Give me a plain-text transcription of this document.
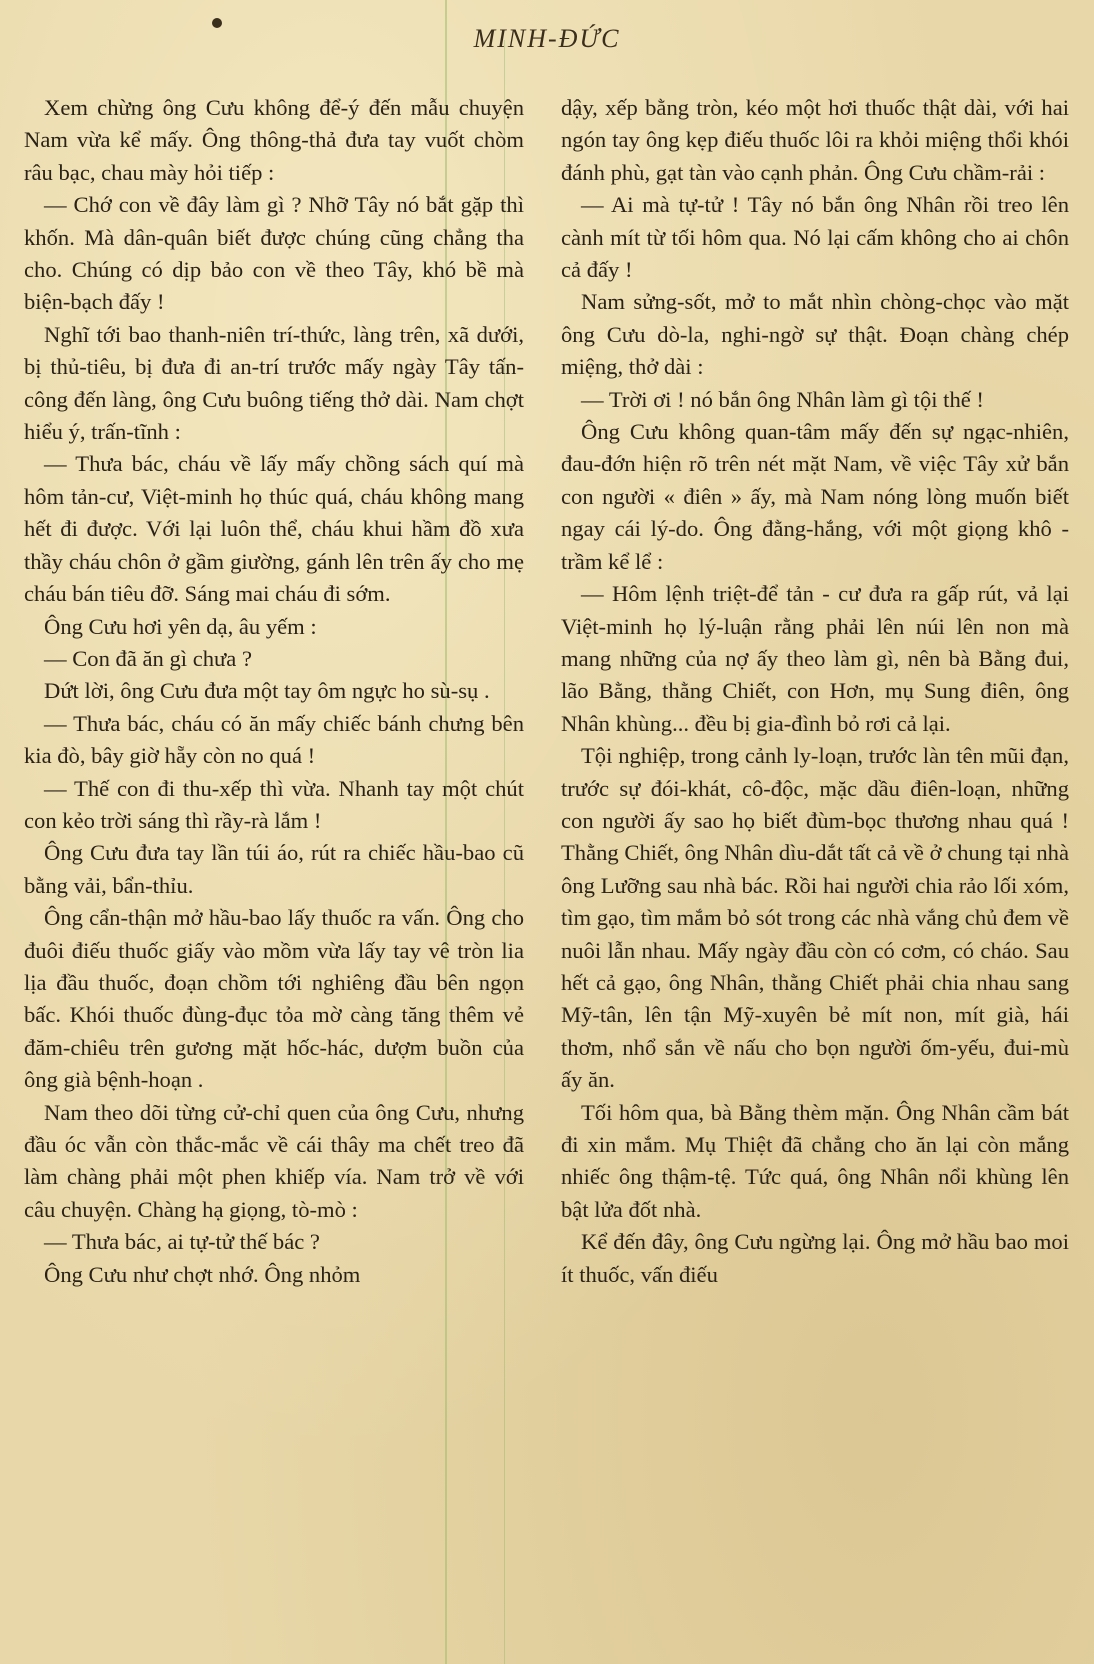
MINH-ĐỨC

Xem chừng ông Cưu không để-ý đến mẫu chuyện Nam vừa kể mấy. Ông thông-thả đưa tay vuốt chòm râu bạc, chau mày hỏi tiếp :

— Chớ con về đây làm gì ? Nhỡ Tây nó bắt gặp thì khốn. Mà dân-quân biết được chúng cũng chẳng tha cho. Chúng có dịp bảo con về theo Tây, khó bề mà biện-bạch đấy !

Nghĩ tới bao thanh-niên trí-thức, làng trên, xã dưới, bị thủ-tiêu, bị đưa đi an-trí trước mấy ngày Tây tấn-công đến làng, ông Cưu buông tiếng thở dài. Nam chợt hiểu ý, trấn-tĩnh :

— Thưa bác, cháu về lấy mấy chồng sách quí mà hôm tản-cư, Việt-minh họ thúc quá, cháu không mang hết đi được. Với lại luôn thể, cháu khui hầm đồ xưa thầy cháu chôn ở gầm giường, gánh lên trên ấy cho mẹ cháu bán tiêu đỡ. Sáng mai cháu đi sớm.

Ông Cưu hơi yên dạ, âu yếm :

— Con đã ăn gì chưa ?

Dứt lời, ông Cưu đưa một tay ôm ngực ho sù-sụ .

— Thưa bác, cháu có ăn mấy chiếc bánh chưng bên kia đò, bây giờ hẵy còn no quá !

— Thế con đi thu-xếp thì vừa. Nhanh tay một chút con kẻo trời sáng thì rầy-rà lắm !

Ông Cưu đưa tay lần túi áo, rút ra chiếc hầu-bao cũ bằng vải, bẩn-thỉu.

Ông cẩn-thận mở hầu-bao lấy thuốc ra vấn. Ông cho đuôi điếu thuốc giấy vào mồm vừa lấy tay vê tròn lia lịa đầu thuốc, đoạn chồm tới nghiêng đầu bên ngọn bấc. Khói thuốc đùng-đục tỏa mờ càng tăng thêm vẻ đăm-chiêu trên gương mặt hốc-hác, dượm buồn của ông già bệnh-hoạn .

Nam theo dõi từng cử-chỉ quen của ông Cưu, nhưng đầu óc vẫn còn thắc-mắc về cái thây ma chết treo đã làm chàng phải một phen khiếp vía. Nam trở về với câu chuyện. Chàng hạ giọng, tò-mò :

— Thưa bác, ai tự-tử thế bác ?

Ông Cưu như chợt nhớ. Ông nhỏm

dậy, xếp bằng tròn, kéo một hơi thuốc thật dài, với hai ngón tay ông kẹp điếu thuốc lôi ra khỏi miệng thổi khói đánh phù, gạt tàn vào cạnh phản. Ông Cưu chầm-rải :

— Ai mà tự-tử ! Tây nó bắn ông Nhân rồi treo lên cành mít từ tối hôm qua. Nó lại cấm không cho ai chôn cả đấy !

Nam sửng-sốt, mở to mắt nhìn chòng-chọc vào mặt ông Cưu dò-la, nghi-ngờ sự thật. Đoạn chàng chép miệng, thở dài :

— Trời ơi ! nó bắn ông Nhân làm gì tội thế !

Ông Cưu không quan-tâm mấy đến sự ngạc-nhiên, đau-đớn hiện rõ trên nét mặt Nam, về việc Tây xử bắn con người « điên » ấy, mà Nam nóng lòng muốn biết ngay cái lý-do. Ông đằng-hắng, với một giọng khô - trầm kể lể :

— Hôm lệnh triệt-để tản - cư đưa ra gấp rút, vả lại Việt-minh họ lý-luận rằng phải lên núi lên non mà mang những của nợ ấy theo làm gì, nên bà Bằng đui, lão Bằng, thằng Chiết, con Hơn, mụ Sung điên, ông Nhân khùng... đều bị gia-đình bỏ rơi cả lại.

Tội nghiệp, trong cảnh ly-loạn, trước làn tên mũi đạn, trước sự đói-khát, cô-độc, mặc dầu điên-loạn, những con người ấy sao họ biết đùm-bọc thương nhau quá ! Thằng Chiết, ông Nhân dìu-dắt tất cả về ở chung tại nhà ông Lưỡng sau nhà bác. Rồi hai người chia rảo lối xóm, tìm gạo, tìm mắm bỏ sót trong các nhà vắng chủ đem về nuôi lẫn nhau. Mấy ngày đầu còn có cơm, có cháo. Sau hết cả gạo, ông Nhân, thằng Chiết phải chia nhau sang Mỹ-tân, lên tận Mỹ-xuyên bẻ mít non, mít già, hái thơm, nhổ sắn về nấu cho bọn người ốm-yếu, đui-mù ấy ăn.

Tối hôm qua, bà Bằng thèm mặn. Ông Nhân cầm bát đi xin mắm. Mụ Thiệt đã chẳng cho ăn lại còn mắng nhiếc ông thậm-tệ. Tức quá, ông Nhân nổi khùng lên bật lửa đốt nhà.

Kể đến đây, ông Cưu ngừng lại. Ông mở hầu bao moi ít thuốc, vấn điếu
